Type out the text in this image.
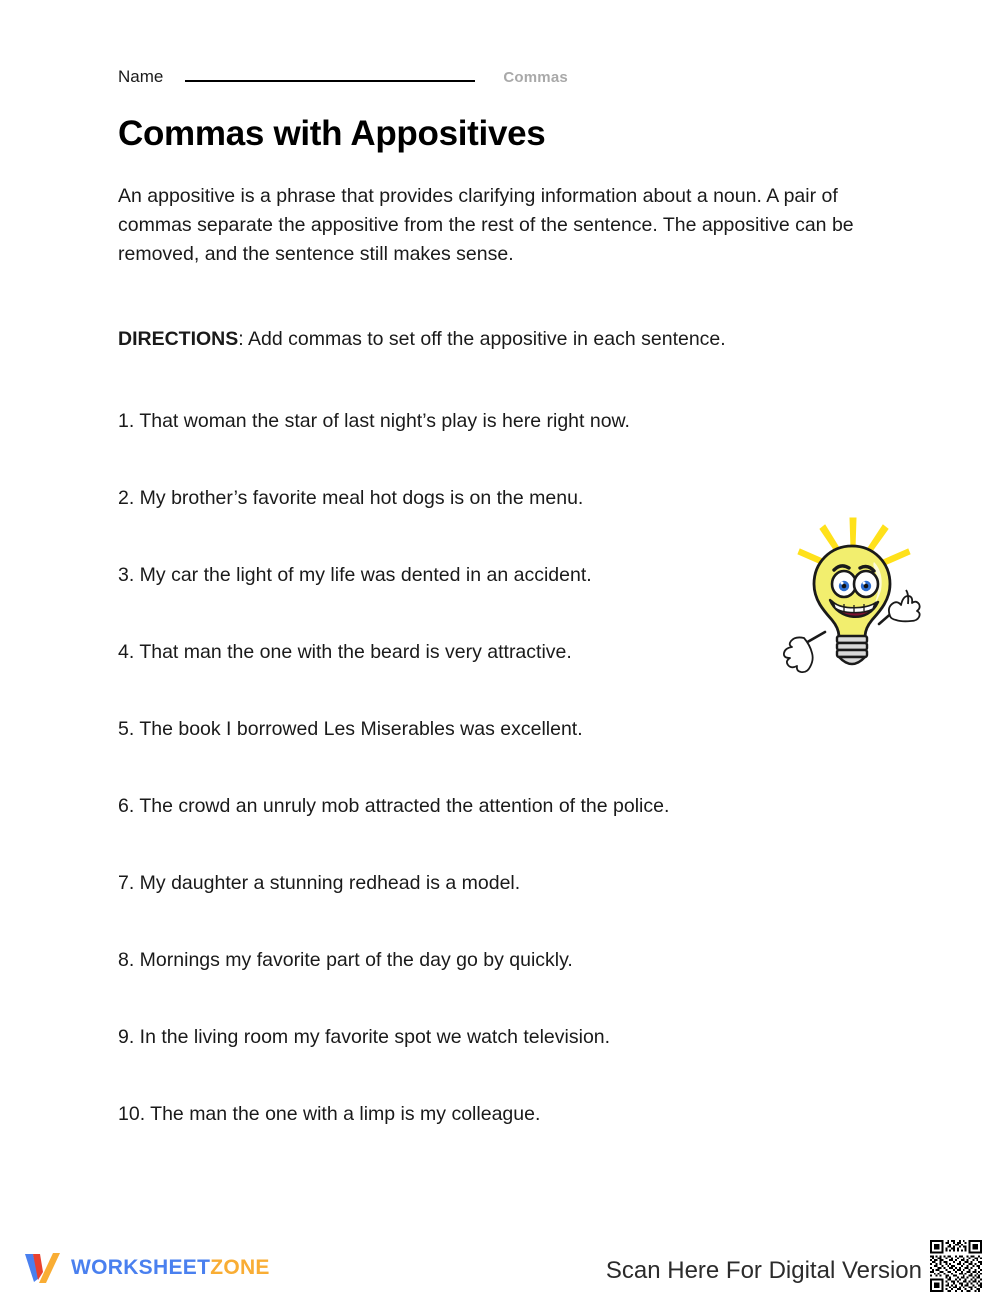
Name	Commas
Commas with Appositives
An appositive is a phrase that provides clarifying information about a noun. A pair of commas separate the appositive from the rest of the sentence. The appositive can be removed, and the sentence still makes sense.
DIRECTIONS: Add commas to set off the appositive in each sentence.
1. That woman the star of last night’s play is here right now.
2. My brother’s favorite meal hot dogs is on the menu.
3. My car the light of my life was dented in an accident.
4. That man the one with the beard is very attractive.
5. The book I borrowed Les Miserables was excellent.
6. The crowd an unruly mob attracted the attention of the police.
7. My daughter a stunning redhead is a model.
8. Mornings my favorite part of the day go by quickly.
9. In the living room my favorite spot we watch television.
10. The man the one with a limp is my colleague.
WORKSHEETZONE	Scan Here For Digital Version
